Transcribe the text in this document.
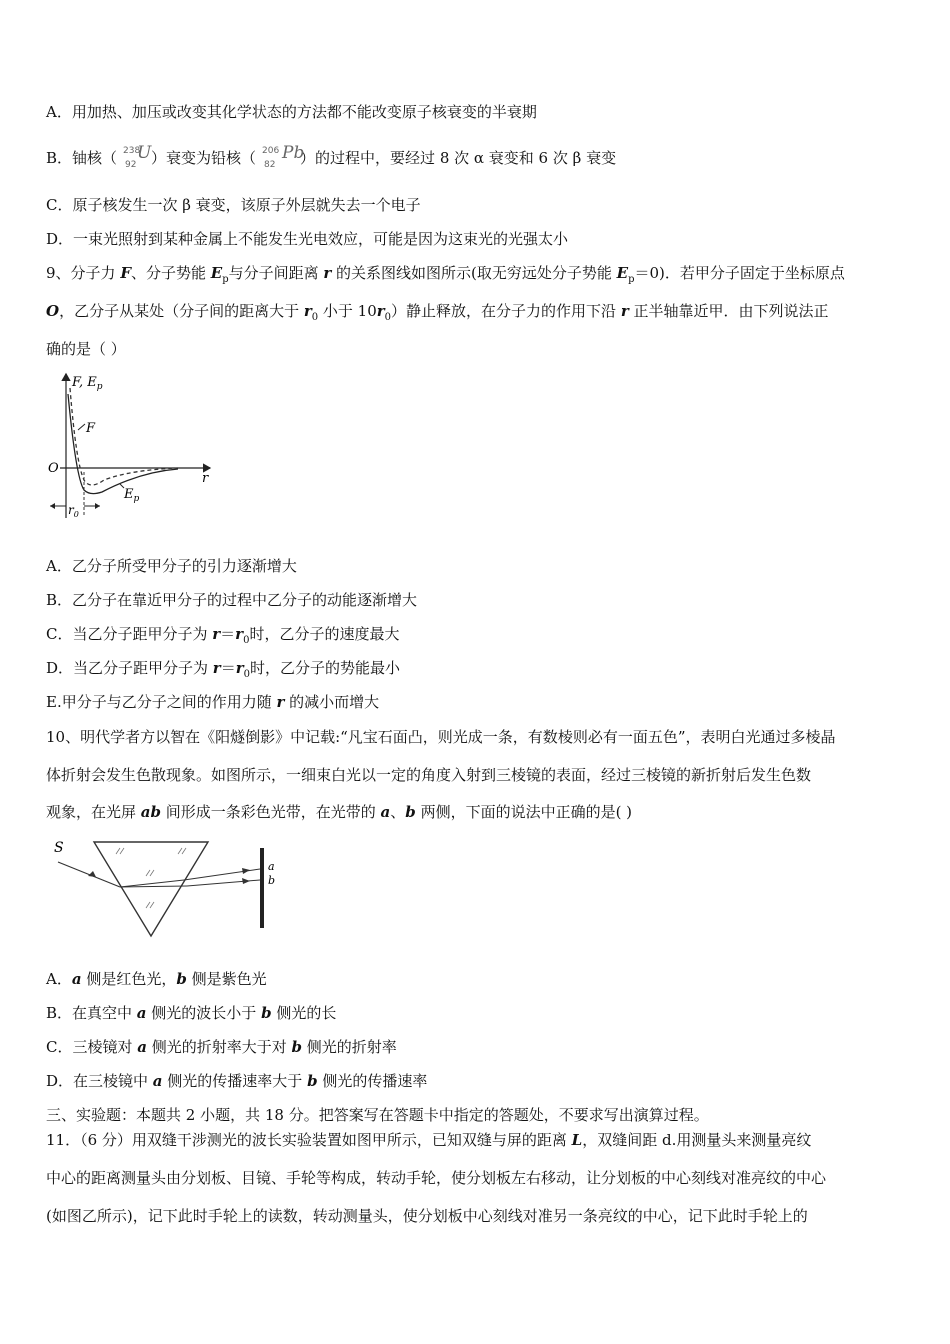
A．用加热、加压或改变其化学状态的方法都不能改变原子核衰变的半衰期
B．铀核（ 238
92
U ）衰变为铅核（ 206
82
Pb
）的过程中，要经过 8 次 α 衰变和 6 次 β 衰变
C．原子核发生一次 β 衰变，该原子外层就失去一个电子
D．一束光照射到某种金属上不能发生光电效应，可能是因为这束光的光强太小
9、分子力 F、分子势能 $E_p$与分子间距离 r 的关系图线如图所示(取无穷远处分子势能 $E_p=0$)．若甲分子固定于坐标原点
O，乙分子从某处（分子间的距离大于 $r_0$ 小于 $10r_0$）静止释放，在分子力的作用下沿 r 正半轴靠近甲．由下列说法正
确的是（ ）
F, $E_p$
F
O
r
$E_p$
$r_0$
A．乙分子所受甲分子的引力逐渐增大
B．乙分子在靠近甲分子的过程中乙分子的动能逐渐增大
C．当乙分子距甲分子为 $r=r_0$时，乙分子的速度最大
D．当乙分子距甲分子为 $r=r_0$时，乙分子的势能最小
E.甲分子与乙分子之间的作用力随 r 的减小而增大
10、明代学者方以智在《阳燧倒影》中记载:“凡宝石面凸，则光成一条，有数棱则必有一面五色”，表明白光通过多棱晶
体折射会发生色散现象。如图所示，一细束白光以一定的角度入射到三棱镜的表面，经过三棱镜的新折射后发生色数
观象，在光屏 ab 间形成一条彩色光带，在光带的 a、b 两侧，下面的说法中正确的是( )
S
a
b
A．a 侧是红色光，b 侧是紫色光
B．在真空中 a 侧光的波长小于 b 侧光的长
C．三棱镜对 a 侧光的折射率大于对 b 侧光的折射率
D．在三棱镜中 a 侧光的传播速率大于 b 侧光的传播速率
三、实验题：本题共 2 小题，共 18 分。把答案写在答题卡中指定的答题处，不要求写出演算过程。
11．（6 分）用双缝干涉测光的波长实验装置如图甲所示，已知双缝与屏的距离 L，双缝间距 d.用测量头来测量亮纹
中心的距离测量头由分划板、目镜、手轮等构成，转动手轮，使分划板左右移动，让分划板的中心刻线对准亮纹的中心
(如图乙所示)，记下此时手轮上的读数，转动测量头，使分划板中心刻线对准另一条亮纹的中心，记下此时手轮上的
